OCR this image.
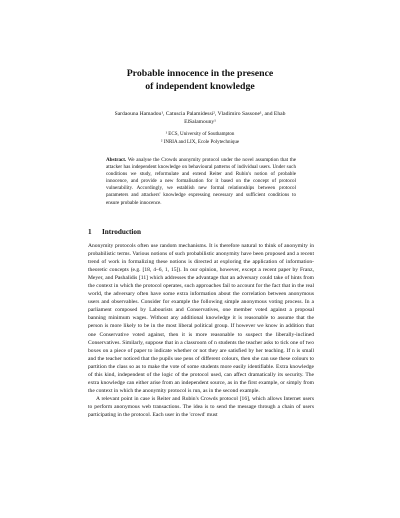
Probable innocence in the presence
of independent knowledge
Sardaouna Hamadou¹, Catuscia Palamidessi², Vladimiro Sassone¹, and Ehab
ElSalamouny¹
¹ ECS, University of Southampton
² INRIA and LIX, Ecole Polytechnique
Abstract. We analyse the Crowds anonymity protocol under the novel assumption that the attacker has independent knowledge on behavioural patterns of individual users. Under such conditions we study, reformulate and extend Reiter and Rubin's notion of probable innocence, and provide a new formalisation for it based on the concept of protocol vulnerability. Accordingly, we establish new formal relationships between protocol parameters and attackers' knowledge expressing necessary and sufficient conditions to ensure probable innocence.
1 Introduction

Anonymity protocols often use random mechanisms. It is therefore natural to think of anonymity in probabilistic terms. Various notions of such probabilistic anonymity have been proposed and a recent trend of work in formalizing these notions is directed at exploring the application of information-theoretic concepts (e.g. [18, 4–6, 1, 15]). In our opinion, however, except a recent paper by Franz, Meyer, and Pashalidis [11] which addresses the advantage that an adversary could take of hints from the context in which the protocol operates, such approaches fail to account for the fact that in the real world, the adversary often have some extra information about the correlation between anonymous users and observables. Consider for example the following simple anonymous voting process. In a parliament composed by Labourists and Conservatives, one member voted against a proposal banning minimum wages. Without any additional knowledge it is reasonable to assume that the person is more likely to be in the most liberal political group. If however we know in addition that one Conservative voted against, then it is more reasonable to suspect the liberally-inclined Conservatives. Similarly, suppose that in a classroom of n students the teacher asks to tick one of two boxes on a piece of paper to indicate whether or not they are satisfied by her teaching. If n is small and the teacher noticed that the pupils use pens of different colours, then she can use these colours to partition the class so as to make the vote of some students more easily identifiable. Extra knowledge of this kind, independent of the logic of the protocol used, can affect dramatically its security. The extra knowledge can either arise from an independent source, as in the first example, or simply from the context in which the anonymity protocol is run, as in the second example.

A relevant point in case is Reiter and Rubin's Crowds protocol [16], which allows Internet users to perform anonymous web transactions. The idea is to send the message through a chain of users participating in the protocol. Each user in the 'crowd' must
